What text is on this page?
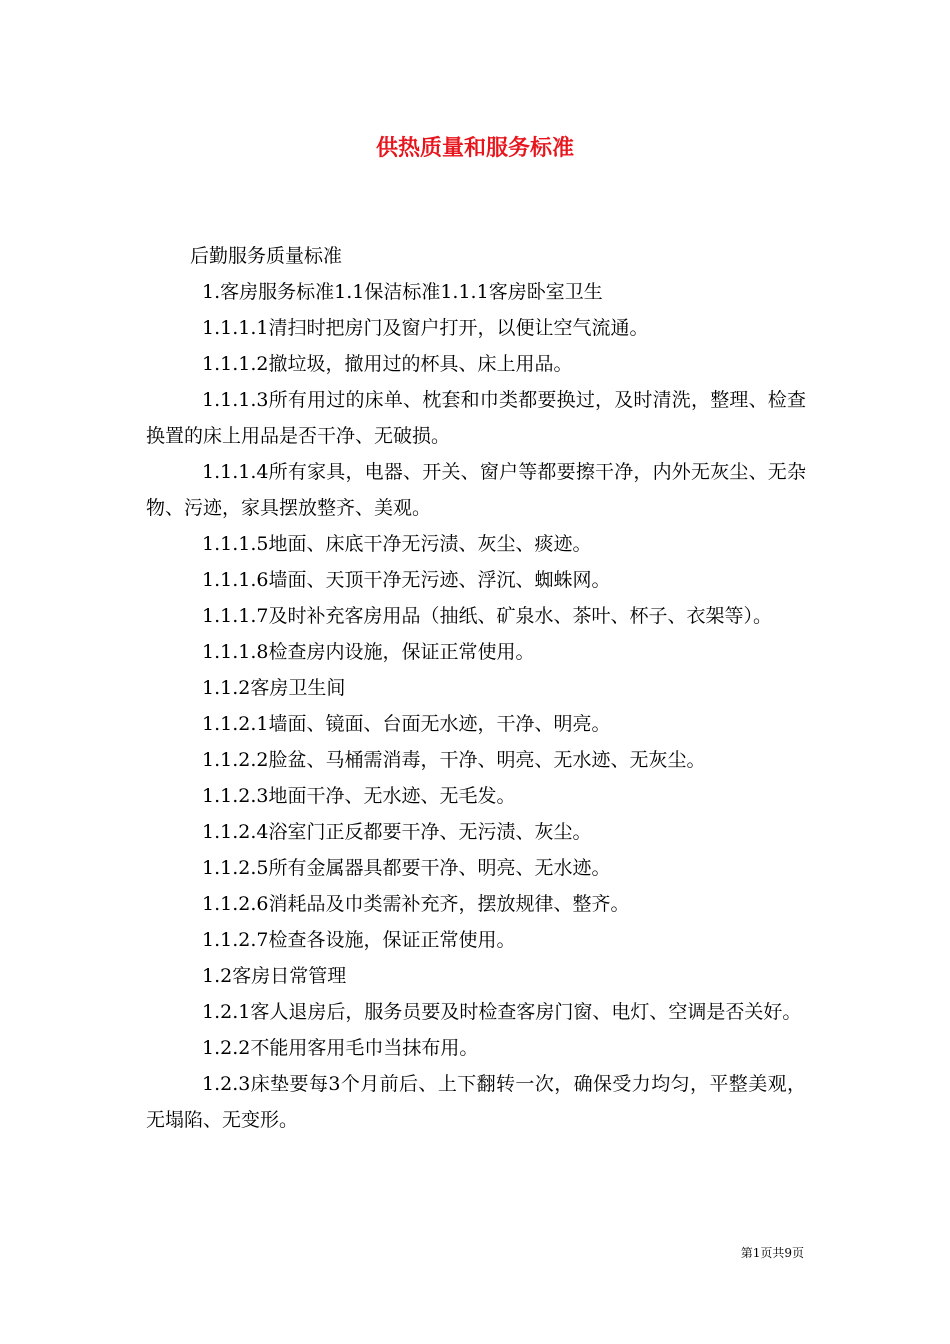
供热质量和服务标准

后勤服务质量标准

1.客房服务标准1.1保洁标准1.1.1客房卧室卫生

1.1.1.1清扫时把房门及窗户打开，以便让空气流通。

1.1.1.2撤垃圾，撤用过的杯具、床上用品。

1.1.1.3所有用过的床单、枕套和巾类都要换过，及时清洗，整理、检查换置的床上用品是否干净、无破损。

1.1.1.4所有家具，电器、开关、窗户等都要擦干净，内外无灰尘、无杂物、污迹，家具摆放整齐、美观。

1.1.1.5地面、床底干净无污渍、灰尘、痰迹。

1.1.1.6墙面、天顶干净无污迹、浮沉、蜘蛛网。

1.1.1.7及时补充客房用品（抽纸、矿泉水、茶叶、杯子、衣架等）。

1.1.1.8检查房内设施，保证正常使用。

1.1.2客房卫生间

1.1.2.1墙面、镜面、台面无水迹，干净、明亮。

1.1.2.2脸盆、马桶需消毒，干净、明亮、无水迹、无灰尘。

1.1.2.3地面干净、无水迹、无毛发。

1.1.2.4浴室门正反都要干净、无污渍、灰尘。

1.1.2.5所有金属器具都要干净、明亮、无水迹。

1.1.2.6消耗品及巾类需补充齐，摆放规律、整齐。

1.1.2.7检查各设施，保证正常使用。

1.2客房日常管理

1.2.1客人退房后，服务员要及时检查客房门窗、电灯、空调是否关好。

1.2.2不能用客用毛巾当抹布用。

1.2.3床垫要每3个月前后、上下翻转一次，确保受力均匀，平整美观，无塌陷、无变形。

第1页共9页
